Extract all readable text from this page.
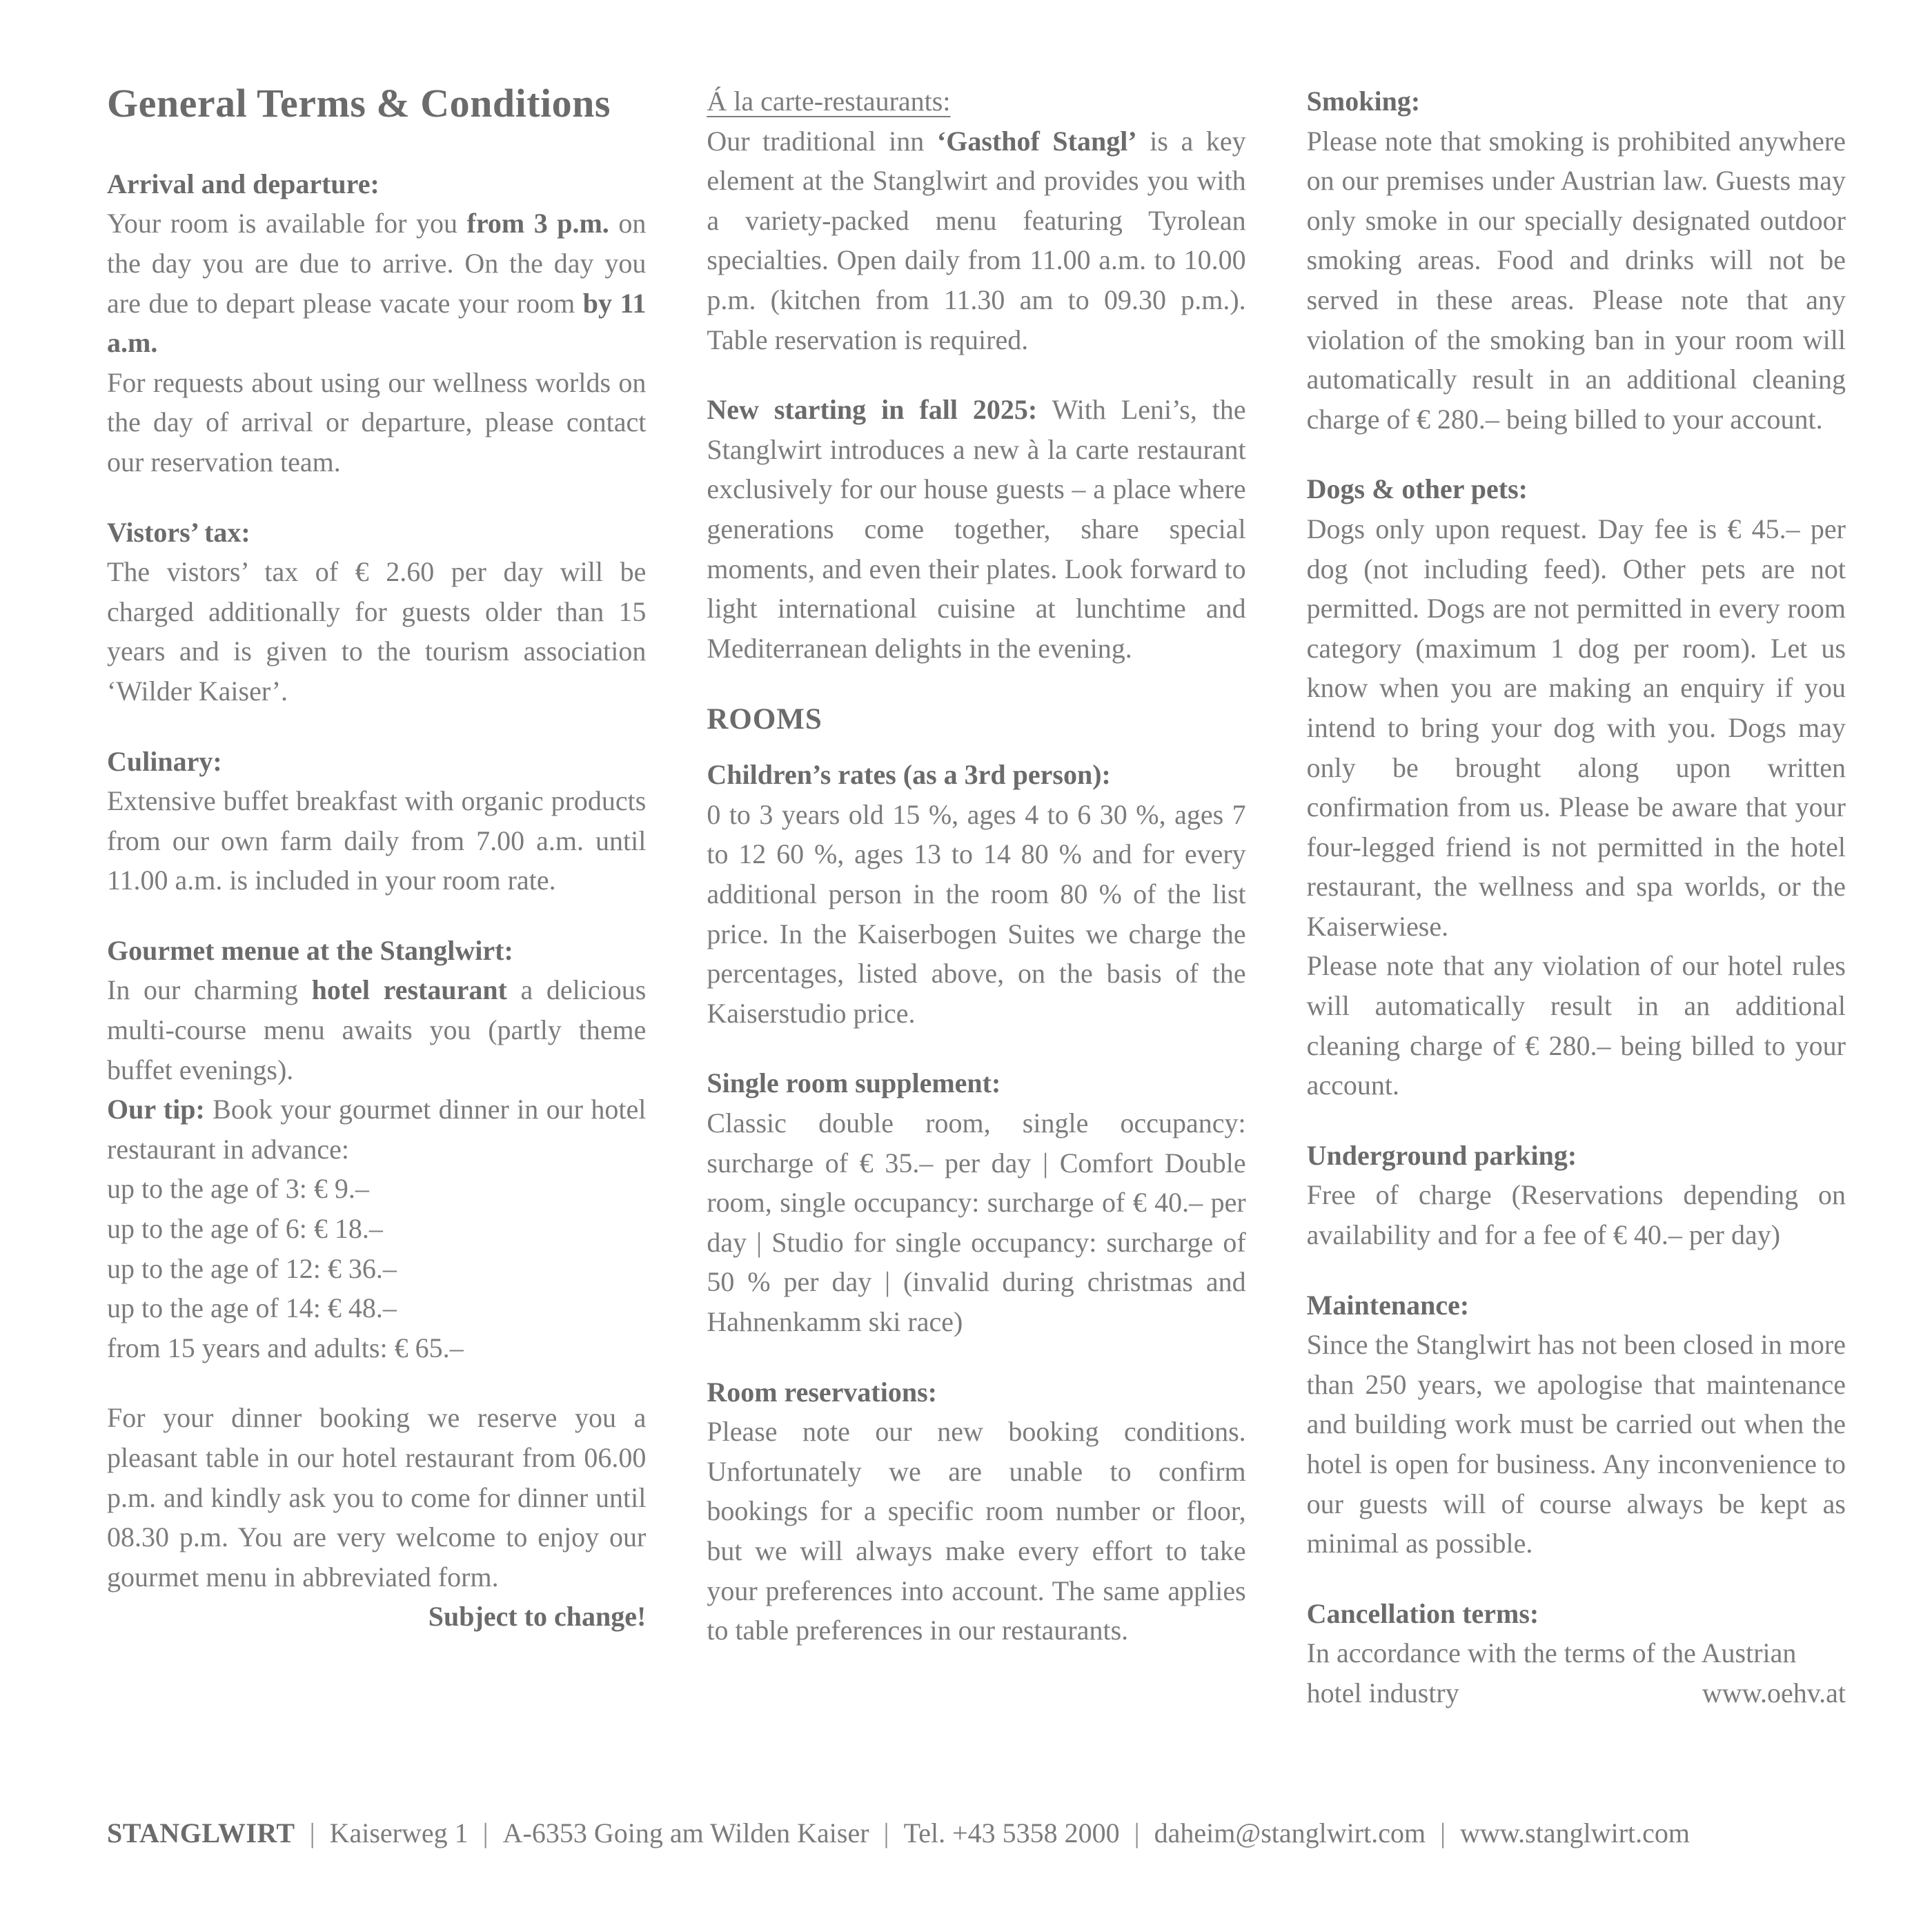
General Terms & Conditions
Arrival and departure:

Your room is available for you from 3 p.m. on the day you are due to arrive. On the day you are due to depart please vacate your room by 11 a.m.

For requests about using our wellness worlds on the day of arrival or departure, please contact our reservation team.

Vistors’ tax:

The vistors’ tax of € 2.60 per day will be charged additionally for guests older than 15 years and is given to the tourism association ‘Wilder Kaiser’.

Culinary:

Extensive buffet breakfast with organic products from our own farm daily from 7.00 a.m. until 11.00 a.m. is included in your room rate.

Gourmet menue at the Stanglwirt:

In our charming hotel restaurant a delicious multi-course menu awaits you (partly theme buffet evenings).

Our tip: Book your gourmet dinner in our hotel restaurant in advance:

up to the age of 3: € 9.–

up to the age of 6: € 18.–

up to the age of 12: € 36.–

up to the age of 14: € 48.–

from 15 years and adults: € 65.–

For your dinner booking we reserve you a pleasant table in our hotel restaurant from 06.00 p.m. and kindly ask you to come for dinner until 08.30 p.m. You are very welcome to enjoy our gourmet menu in abbreviated form.
Subject to change!

Á la carte-restaurants:

Our traditional inn ‘Gasthof Stangl’ is a key element at the Stanglwirt and provides you with a variety-packed menu featuring Tyrolean specialties. Open daily from 11.00 a.m. to 10.00 p.m. (kitchen from 11.30 am to 09.30 p.m.). Table reservation is required.

New starting in fall 2025: With Leni’s, the Stanglwirt introduces a new à la carte restaurant exclusively for our house guests – a place where generations come together, share special moments, and even their plates. Look forward to light international cuisine at lunchtime and Mediterranean delights in the evening.

ROOMS
Children’s rates (as a 3rd person):

0 to 3 years old 15 %, ages 4 to 6 30 %, ages 7 to 12 60 %, ages 13 to 14 80 % and for every additional person in the room 80 % of the list price. In the Kaiserbogen Suites we charge the percentages, listed above, on the basis of the Kaiserstudio price.

Single room supplement:

Classic double room, single occupancy: surcharge of € 35.– per day | Comfort Double room, single occupancy: surcharge of € 40.– per day | Studio for single occupancy: surcharge of 50 % per day | (invalid during christmas and Hahnenkamm ski race)

Room reservations:

Please note our new booking conditions. Unfortunately we are unable to confirm bookings for a specific room number or floor, but we will always make every effort to take your preferences into account. The same applies to table preferences in our restaurants.

Smoking:

Please note that smoking is prohibited anywhere on our premises under Austrian law. Guests may only smoke in our specially designated outdoor smoking areas. Food and drinks will not be served in these areas. Please note that any violation of the smoking ban in your room will automatically result in an additional cleaning charge of € 280.– being billed to your account.

Dogs & other pets:

Dogs only upon request. Day fee is € 45.– per dog (not including feed). Other pets are not permitted. Dogs are not permitted in every room category (maximum 1 dog per room). Let us know when you are making an enquiry if you intend to bring your dog with you. Dogs may only be brought along upon written confirmation from us. Please be aware that your four-legged friend is not permitted in the hotel restaurant, the wellness and spa worlds, or the Kaiserwiese.

Please note that any violation of our hotel rules will automatically result in an additional cleaning charge of € 280.– being billed to your account.

Underground parking:

Free of charge (Reservations depending on availability and for a fee of € 40.– per day)

Maintenance:

Since the Stanglwirt has not been closed in more than 250 years, we apologise that maintenance and building work must be carried out when the hotel is open for business. Any inconvenience to our guests will of course always be kept as minimal as possible.

Cancellation terms:

In accordance with the terms of the Austrian hotel industry	www.oehv.at

STANGLWIRT | Kaiserweg 1 | A-6353 Going am Wilden Kaiser | Tel. +43 5358 2000 | daheim@stanglwirt.com | www.stanglwirt.com
